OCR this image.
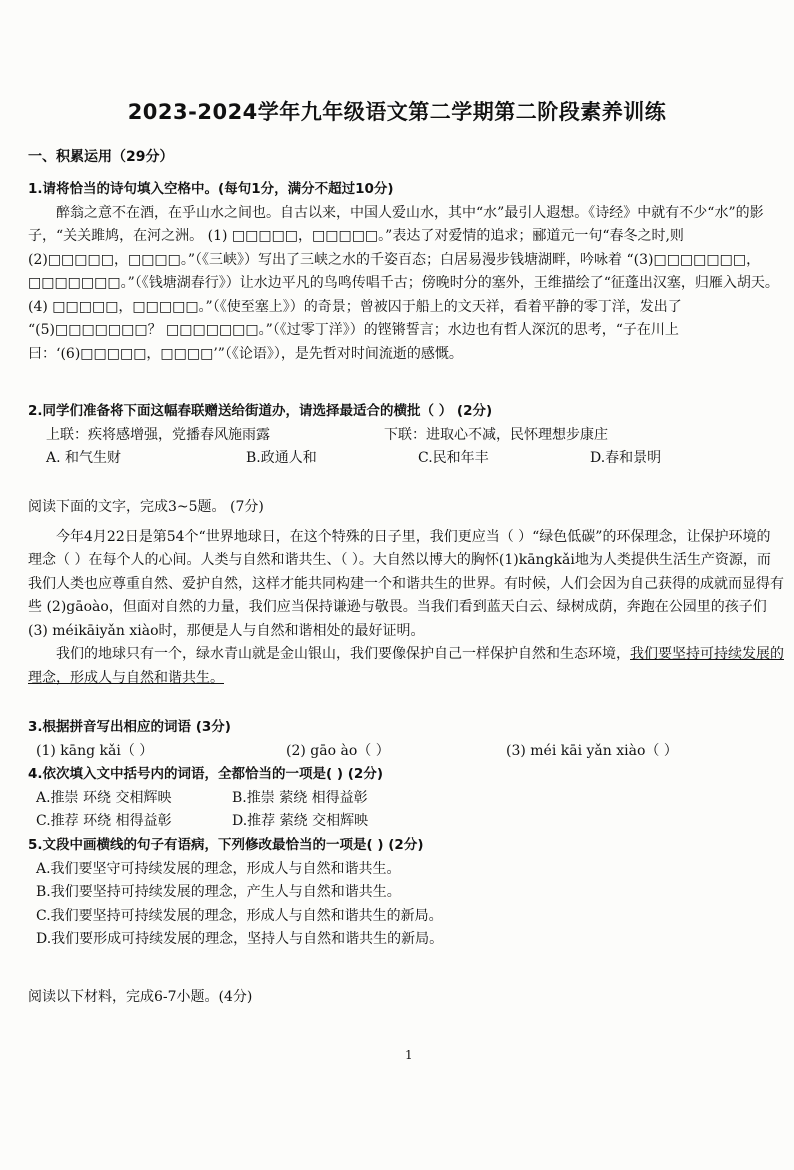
2023-2024学年九年级语文第二学期第二阶段素养训练

一、积累运用（29分）

1.请将恰当的诗句填入空格中。(每句1分，满分不超过10分)

醉翁之意不在酒，在乎山水之间也。自古以来，中国人爱山水，其中“水”最引人遐想。《诗经》中就有不少“水”的影子，“关关雎鸠，在河之洲。 (1) □□□□□，□□□□□。”表达了对爱情的追求；郦道元一句“春冬之时,则 (2)□□□□□，□□□□。”（《三峡》）写出了三峡之水的千姿百态；白居易漫步钱塘湖畔，吟咏着 “(3)□□□□□□□，□□□□□□□。”（《钱塘湖春行》）让水边平凡的鸟鸣传唱千古；傍晚时分的塞外，王维描绘了“征蓬出汉塞，归雁入胡天。 (4) □□□□□，□□□□□。”（《使至塞上》）的奇景；曾被囚于船上的文天祥，看着平静的零丁洋，发出了 “(5)□□□□□□□？ □□□□□□□。”（《过零丁洋》）的铿锵誓言；水边也有哲人深沉的思考，“子在川上曰：‘(6)□□□□□，□□□□’”（《论语》），是先哲对时间流逝的感慨。

2.同学们准备将下面这幅春联赠送给街道办，请选择最适合的横批（ ） (2分)

上联：疾将感增强，党播春风施雨露	下联：进取心不减，民怀理想步康庄

A. 和气生财	B.政通人和	C.民和年丰	D.春和景明

阅读下面的文字，完成3~5题。 (7分)

今年4月22日是第54个“世界地球日，在这个特殊的日子里，我们更应当（ ）“绿色低碳”的环保理念，让保护环境的理念（ ）在每个人的心间。人类与自然和谐共生、（ ）。大自然以博大的胸怀(1)kāngkǎi地为人类提供生活生产资源，而我们人类也应尊重自然、爱护自然，这样才能共同构建一个和谐共生的世界。有时候，人们会因为自己获得的成就而显得有些 (2)gāoào，但面对自然的力量，我们应当保持谦逊与敬畏。当我们看到蓝天白云、绿树成荫，奔跑在公园里的孩子们 (3) méikāiyǎn xiào时，那便是人与自然和谐相处的最好证明。

我们的地球只有一个，绿水青山就是金山银山，我们要像保护自己一样保护自然和生态环境，我们要坚持可持续发展的理念，形成人与自然和谐共生。

3.根据拼音写出相应的词语 (3分)

(1) kāng kǎi（ ）	(2) gāo ào（ ）	(3) méi kāi yǎn xiào（ ）

4.依次填入文中括号内的词语，全都恰当的一项是( ) (2分)

A.推崇 环绕 交相辉映	B.推崇 萦绕 相得益彰

C.推荐 环绕 相得益彰	D.推荐 萦绕 交相辉映

5.文段中画横线的句子有语病，下列修改最恰当的一项是( ) (2分)

A.我们要坚守可持续发展的理念，形成人与自然和谐共生。

B.我们要坚持可持续发展的理念，产生人与自然和谐共生。

C.我们要坚持可持续发展的理念，形成人与自然和谐共生的新局。

D.我们要形成可持续发展的理念，坚持人与自然和谐共生的新局。

阅读以下材料，完成6-7小题。(4分)

1
